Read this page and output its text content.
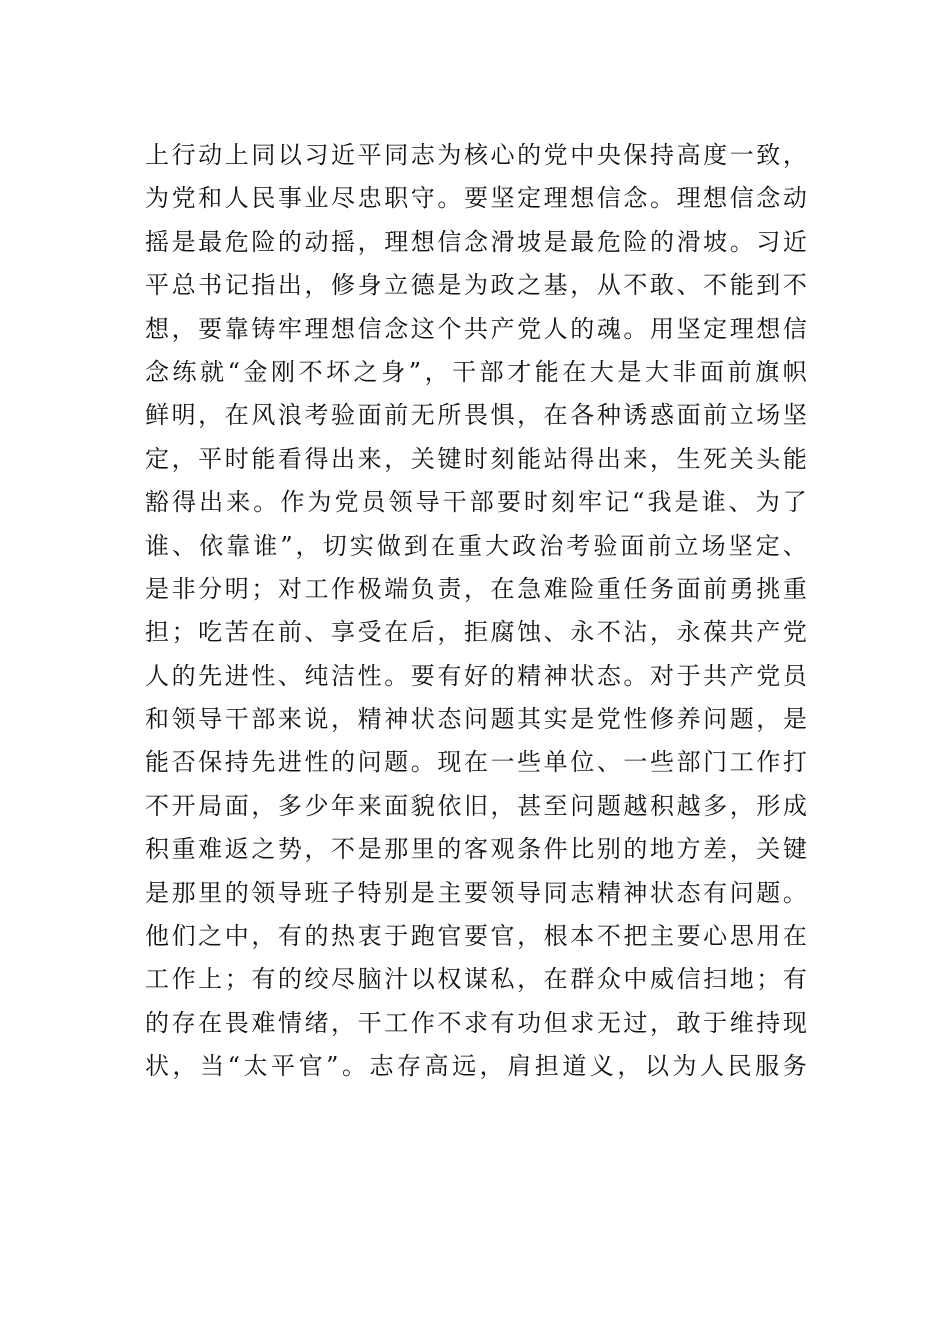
上 行 动 上 同 以 习 近 平 同 志 为 核 心 的 党 中 央 保 持 高 度 一 致 ，
为 党 和 人 民 事 业 尽 忠 职 守 。 要 坚 定 理 想 信 念 。 理 想 信 念 动
摇 是 最 危 险 的 动 摇 ， 理 想 信 念 滑 坡 是 最 危 险 的 滑 坡 。 习 近
平 总 书 记 指 出 ， 修 身 立 德 是 为 政 之 基 ， 从 不 敢 、 不 能 到 不
想 ， 要 靠 铸 牢 理 想 信 念 这 个 共 产 党 人 的 魂 。 用 坚 定 理 想 信
念 练 就 “ 金 刚 不 坏 之 身 ” ， 干 部 才 能 在 大 是 大 非 面 前 旗 帜
鲜 明 ， 在 风 浪 考 验 面 前 无 所 畏 惧 ， 在 各 种 诱 惑 面 前 立 场 坚
定 ， 平 时 能 看 得 出 来 ， 关 键 时 刻 能 站 得 出 来 ， 生 死 关 头 能
豁 得 出 来 。 作 为 党 员 领 导 干 部 要 时 刻 牢 记 “ 我 是 谁 、 为 了
谁 、 依 靠 谁 ” ， 切 实 做 到 在 重 大 政 治 考 验 面 前 立 场 坚 定 、
是 非 分 明 ； 对 工 作 极 端 负 责 ， 在 急 难 险 重 任 务 面 前 勇 挑 重
担 ； 吃 苦 在 前 、 享 受 在 后 ， 拒 腐 蚀 、 永 不 沾 ， 永 葆 共 产 党
人 的 先 进 性 、 纯 洁 性 。 要 有 好 的 精 神 状 态 。 对 于 共 产 党 员
和 领 导 干 部 来 说 ， 精 神 状 态 问 题 其 实 是 党 性 修 养 问 题 ， 是
能 否 保 持 先 进 性 的 问 题 。 现 在 一 些 单 位 、 一 些 部 门 工 作 打
不 开 局 面 ， 多 少 年 来 面 貌 依 旧 ， 甚 至 问 题 越 积 越 多 ， 形 成
积 重 难 返 之 势 ， 不 是 那 里 的 客 观 条 件 比 别 的 地 方 差 ， 关 键
是 那 里 的 领 导 班 子 特 别 是 主 要 领 导 同 志 精 神 状 态 有 问 题 。
他 们 之 中 ， 有 的 热 衷 于 跑 官 要 官 ， 根 本 不 把 主 要 心 思 用 在
工 作 上 ； 有 的 绞 尽 脑 汁 以 权 谋 私 ， 在 群 众 中 威 信 扫 地 ； 有
的 存 在 畏 难 情 绪 ， 干 工 作 不 求 有 功 但 求 无 过 ， 敢 于 维 持 现
状 ， 当 “ 太 平 官 ” 。 志 存 高 远 ， 肩 担 道 义 ， 以 为 人 民 服 务
